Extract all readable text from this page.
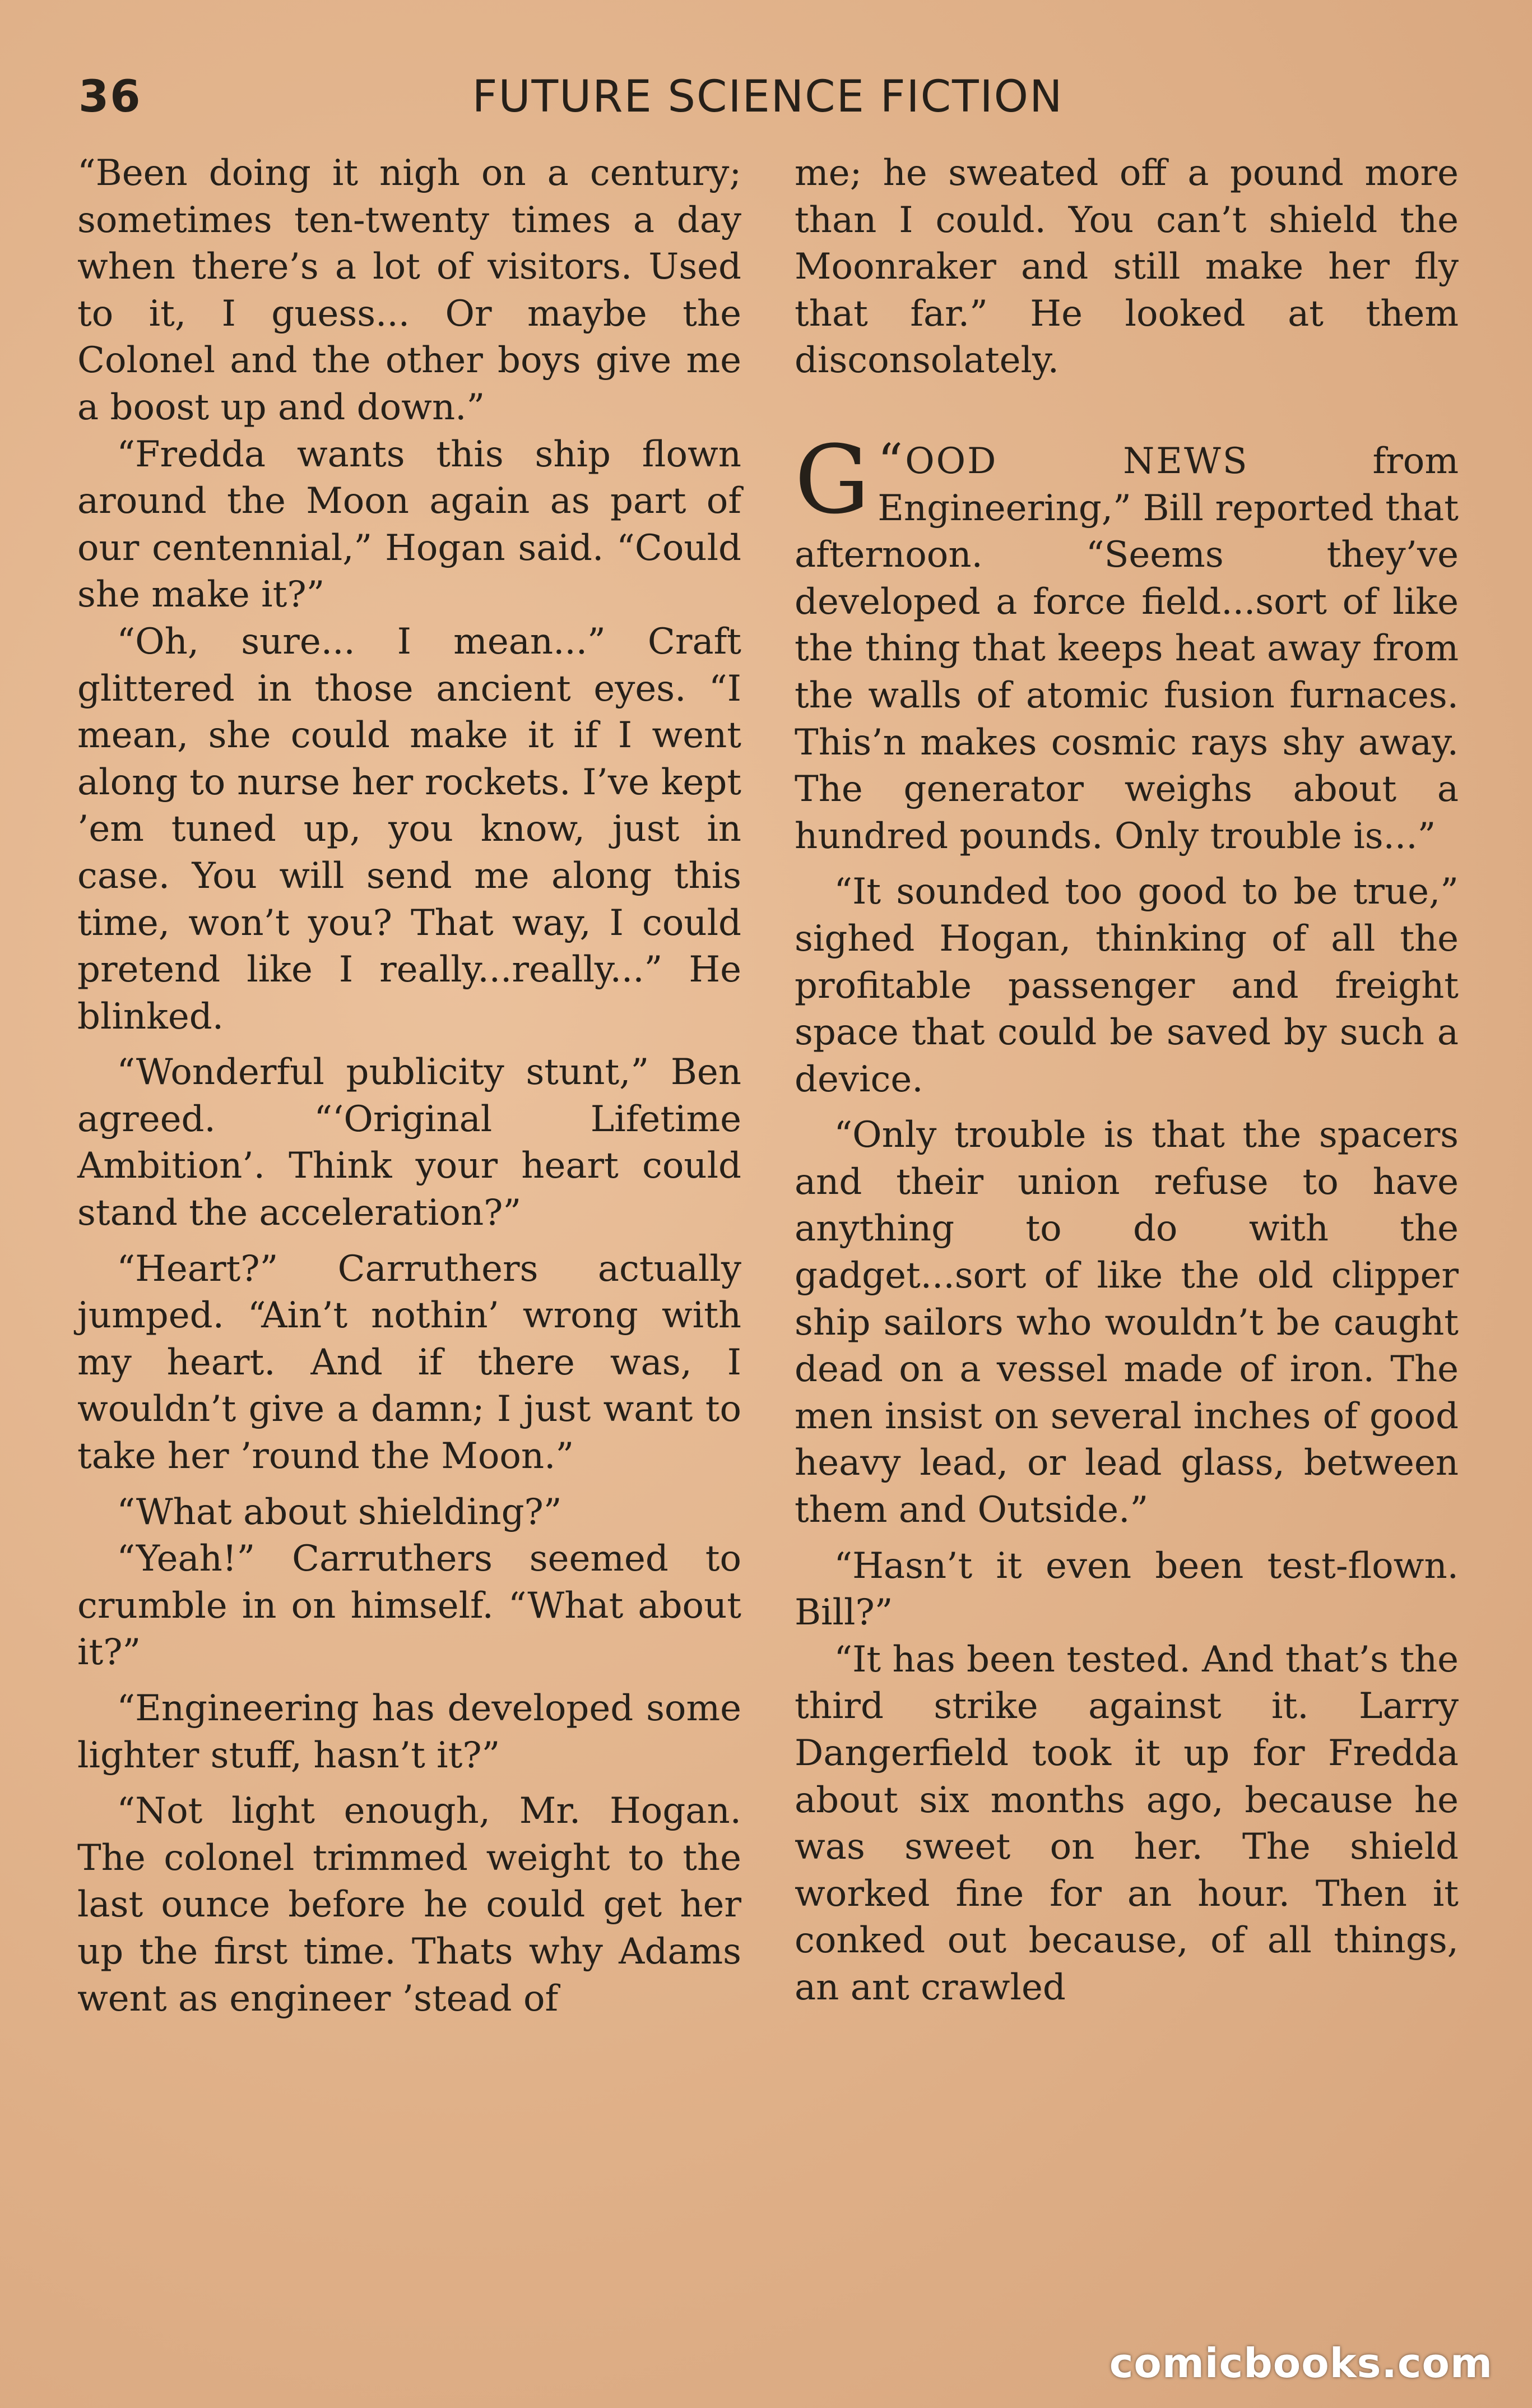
36	FUTURE SCIENCE FICTION

“Been doing it nigh on a century; sometimes ten-twenty times a day when there’s a lot of visitors. Used to it, I guess... Or maybe the Colonel and the other boys give me a boost up and down.”

“Fredda wants this ship flown around the Moon again as part of our centennial,” Hogan said. “Could she make it?”

“Oh, sure... I mean...” Craft glittered in those ancient eyes. “I mean, she could make it if I went along to nurse her rockets. I’ve kept ’em tuned up, you know, just in case. You will send me along this time, won’t you? That way, I could pretend like I really...really...” He blinked.

“Wonderful publicity stunt,” Ben agreed. “‘Original Lifetime Ambition’. Think your heart could stand the acceleration?”

“Heart?” Carruthers actually jumped. “Ain’t nothin’ wrong with my heart. And if there was, I wouldn’t give a damn; I just want to take her ’round the Moon.”

“What about shielding?”

“Yeah!” Carruthers seemed to crumble in on himself. “What about it?”

“Engineering has developed some lighter stuff, hasn’t it?”

“Not light enough, Mr. Hogan. The colonel trimmed weight to the last ounce before he could get her up the first time. Thats why Adams went as engineer ’stead of

me; he sweated off a pound more than I could. You can’t shield the Moonraker and still make her fly that far.” He looked at them disconsolately.

“
G OOD NEWS from Engineering,” Bill reported that afternoon. “Seems they’ve developed a force field...sort of like the thing that keeps heat away from the walls of atomic fusion furnaces. This’n makes cosmic rays shy away. The generator weighs about a hundred pounds. Only trouble is...”

“It sounded too good to be true,” sighed Hogan, thinking of all the profitable passenger and freight space that could be saved by such a device.

“Only trouble is that the spacers and their union refuse to have anything to do with the gadget...sort of like the old clipper ship sailors who wouldn’t be caught dead on a vessel made of iron. The men insist on several inches of good heavy lead, or lead glass, between them and Outside.”

“Hasn’t it even been test-flown. Bill?”

“It has been tested. And that’s the third strike against it. Larry Dangerfield took it up for Fredda about six months ago, because he was sweet on her. The shield worked fine for an hour. Then it conked out because, of all things, an ant crawled

comicbooks.com
